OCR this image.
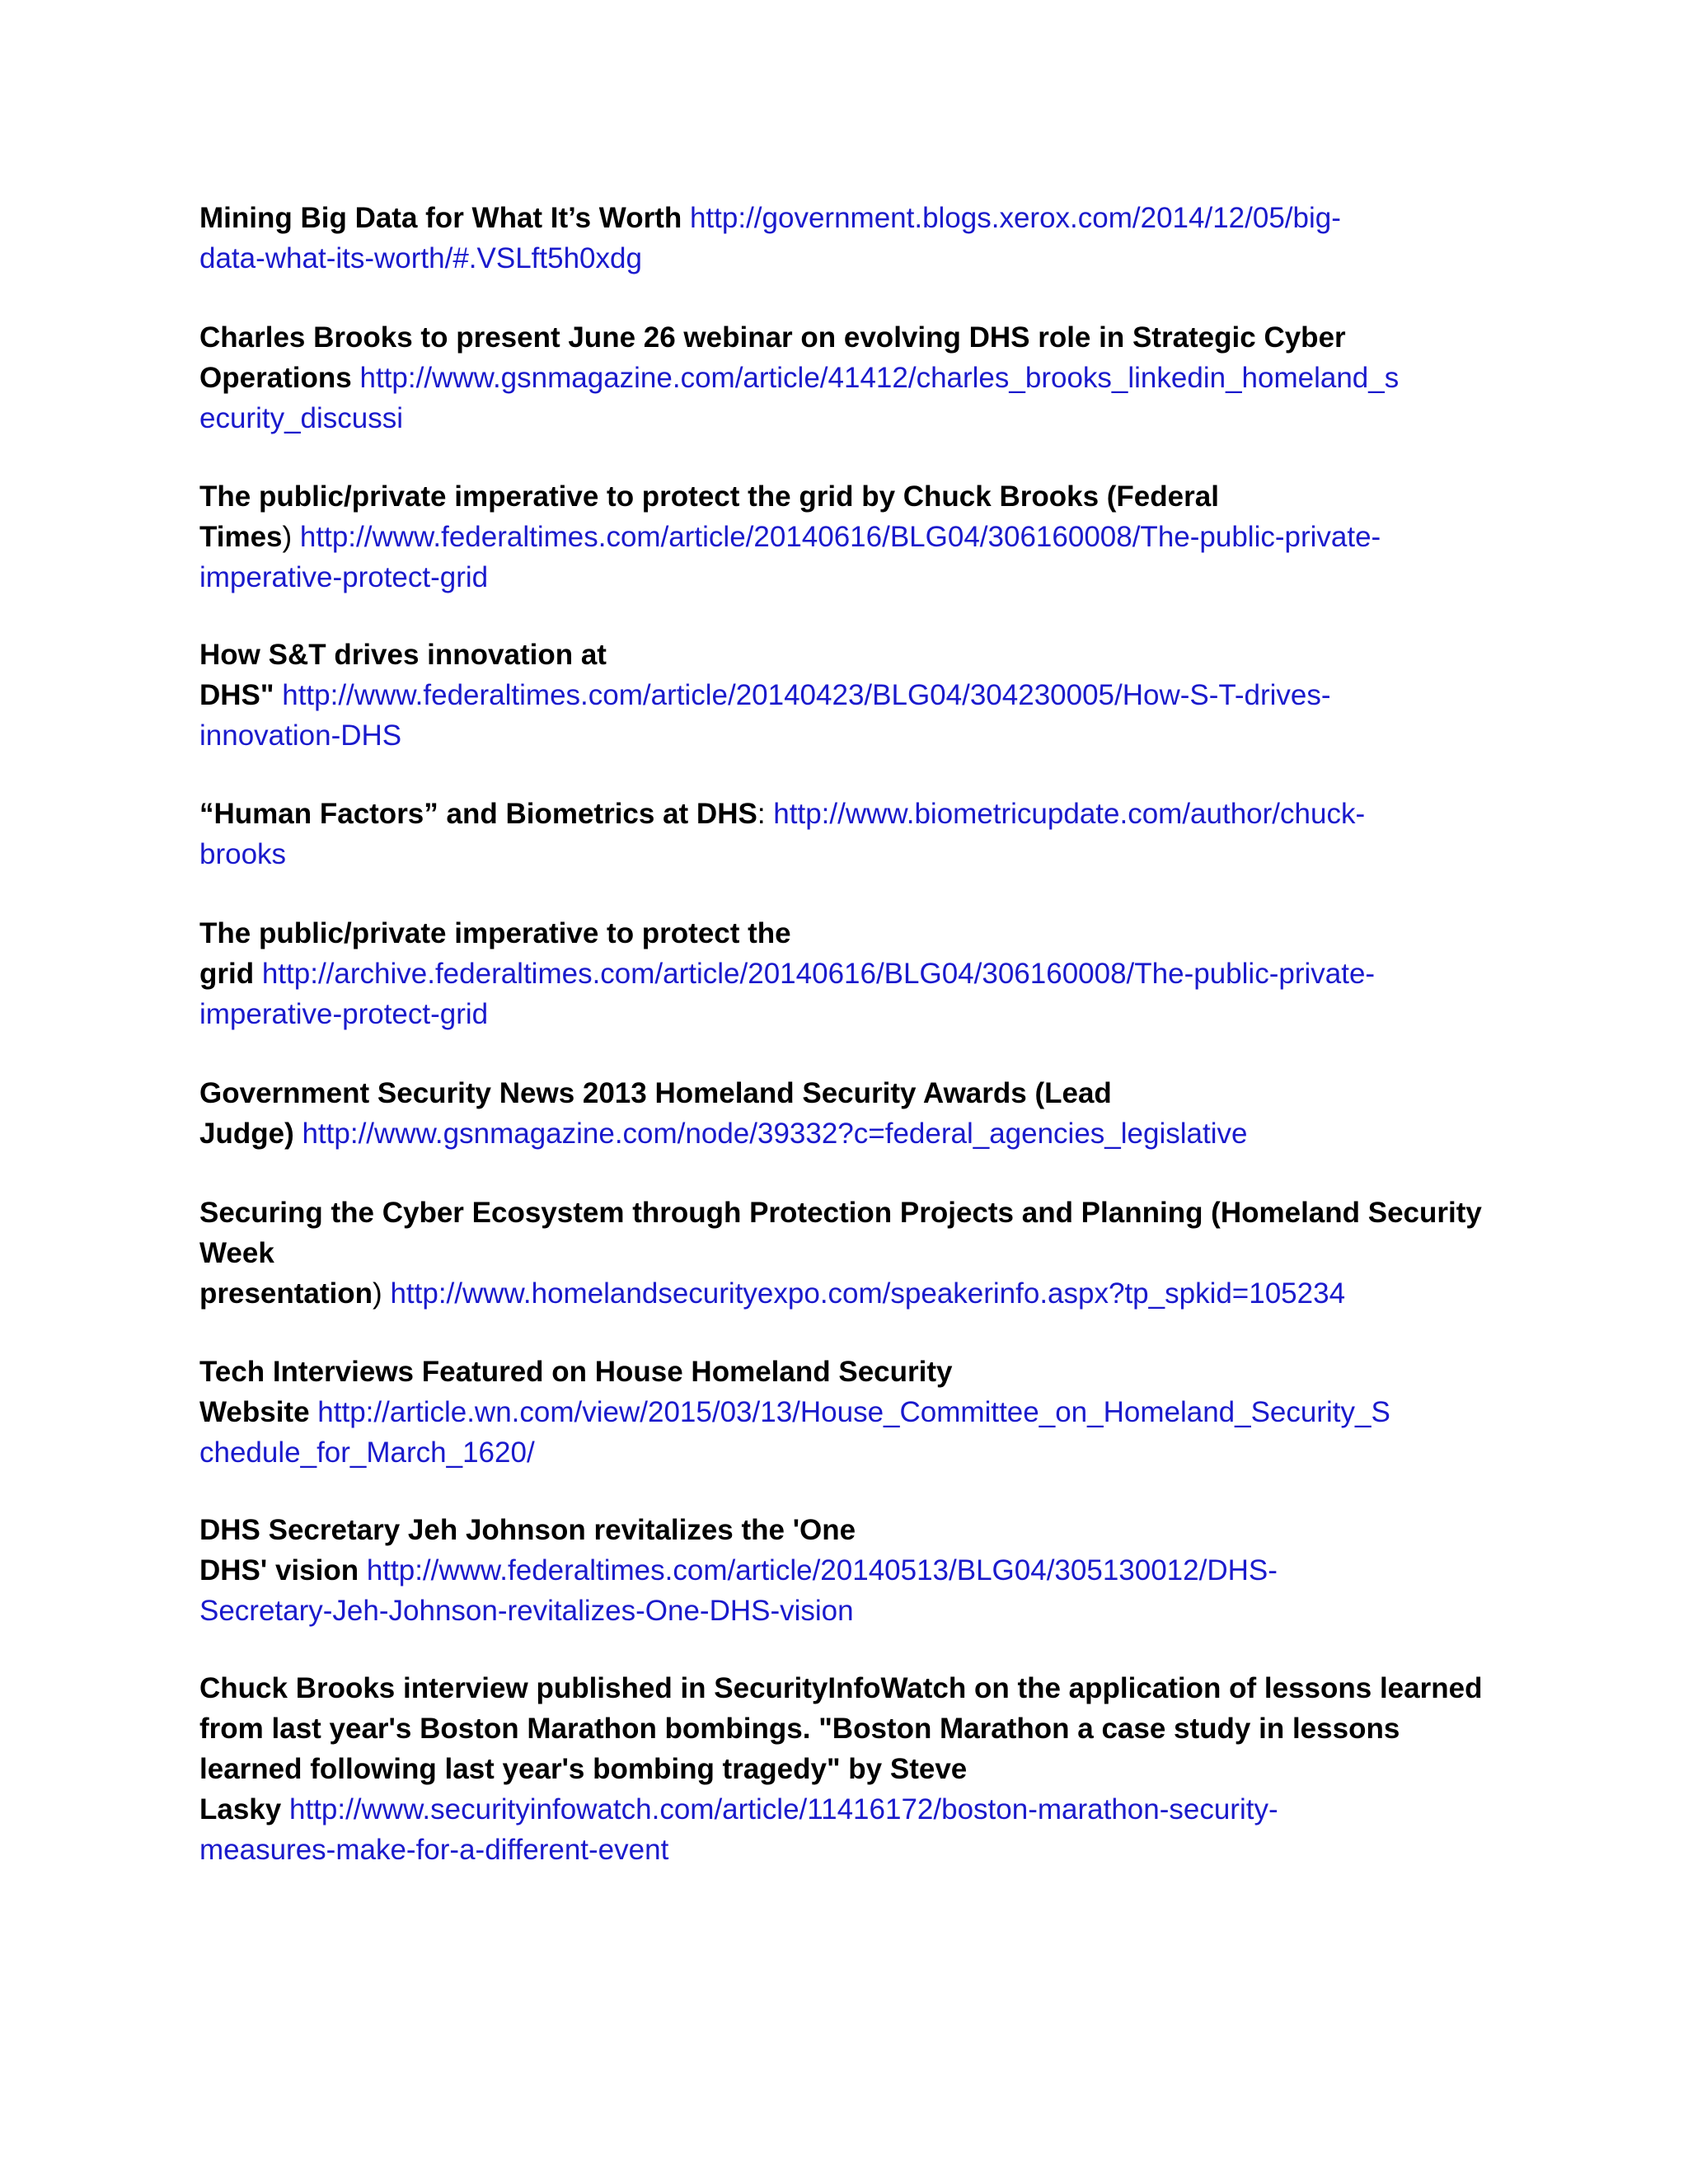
Mining Big Data for What It’s Worth http://government.blogs.xerox.com/2014/12/05/big-
data-what-its-worth/#.VSLft5h0xdg
Charles Brooks to present June 26 webinar on evolving DHS role in Strategic Cyber
Operations http://www.gsnmagazine.com/article/41412/charles_brooks_linkedin_homeland_s
ecurity_discussi
The public/private imperative to protect the grid by Chuck Brooks (Federal
Times) http://www.federaltimes.com/article/20140616/BLG04/306160008/The-public-private-
imperative-protect-grid
How S&T drives innovation at
DHS" http://www.federaltimes.com/article/20140423/BLG04/304230005/How-S-T-drives-
innovation-DHS
“Human Factors” and Biometrics at DHS: http://www.biometricupdate.com/author/chuck-
brooks
The public/private imperative to protect the
grid http://archive.federaltimes.com/article/20140616/BLG04/306160008/The-public-private-
imperative-protect-grid
Government Security News 2013 Homeland Security Awards (Lead
Judge) http://www.gsnmagazine.com/node/39332?c=federal_agencies_legislative
Securing the Cyber Ecosystem through Protection Projects and Planning (Homeland Security
Week
presentation) http://www.homelandsecurityexpo.com/speakerinfo.aspx?tp_spkid=105234
Tech Interviews Featured on House Homeland Security
Website http://article.wn.com/view/2015/03/13/House_Committee_on_Homeland_Security_S
chedule_for_March_1620/
DHS Secretary Jeh Johnson revitalizes the 'One
DHS' vision http://www.federaltimes.com/article/20140513/BLG04/305130012/DHS-
Secretary-Jeh-Johnson-revitalizes-One-DHS-vision
Chuck Brooks interview published in SecurityInfoWatch on the application of lessons learned
from last year's Boston Marathon bombings. "Boston Marathon a case study in lessons
learned following last year's bombing tragedy" by Steve
Lasky http://www.securityinfowatch.com/article/11416172/boston-marathon-security-
measures-make-for-a-different-event
